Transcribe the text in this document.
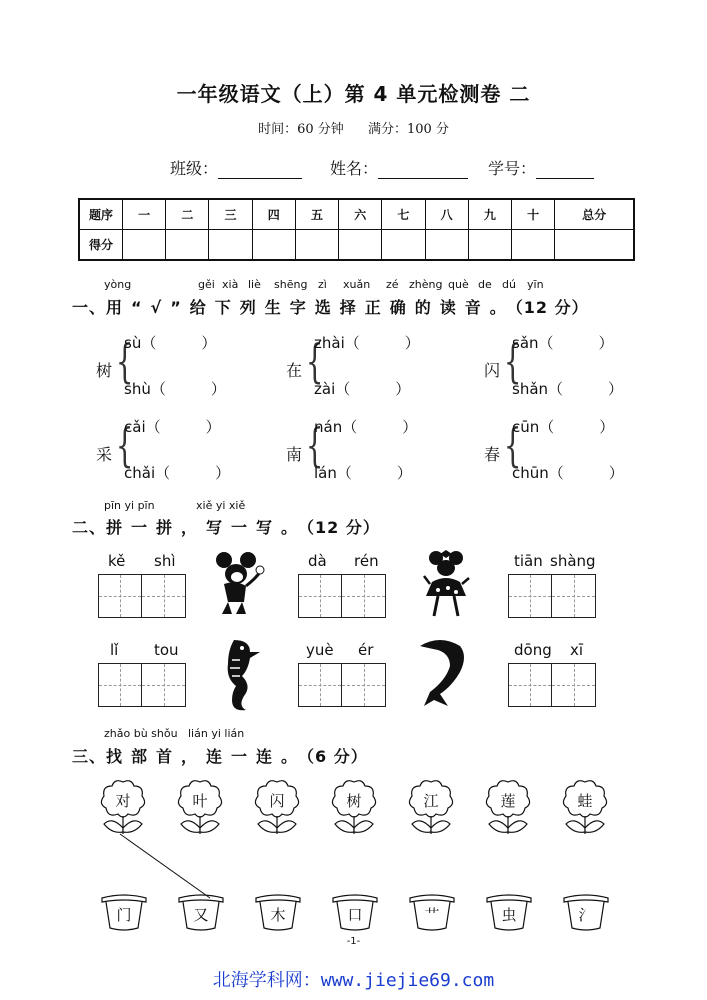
一年级语文（上）第 4 单元检测卷 二
时间：60 分钟 满分：100 分
班级：	姓名：	学号：
题序	一	二	三	四	五	六	七	八	九	十	总分
得分											
yòng	gěi xià liè shēng zì xuǎn zé zhèng què de dú yīn
一、用“√”给下列生字选择正确的读音。（12 分）
树 {
sù（　　　）
shù（　　　）
在 {
zhài（　　　）
zài（　　　）
闪 {
sǎn（　　　）
shǎn（　　　）
采 {
cǎi（　　　）
chǎi（　　　）
南 {
nán（　　　）
lán（　　　）
春 {
cūn（　　　）
chūn（　　　）
pīn yi pīn	xiě yi xiě
二、拼一拼，写一写。（12 分）
kě shì	dà rén	tiān shàng
lǐ tou	yuè ér	dōng xī
zhǎo bù shǒu lián yi lián
三、找部首，连一连。（6 分）
对	叶	闪	树	江	莲	蛙
门	又	木	口	艹	虫	氵
-1-
北海学科网：www.jiejie69.com
